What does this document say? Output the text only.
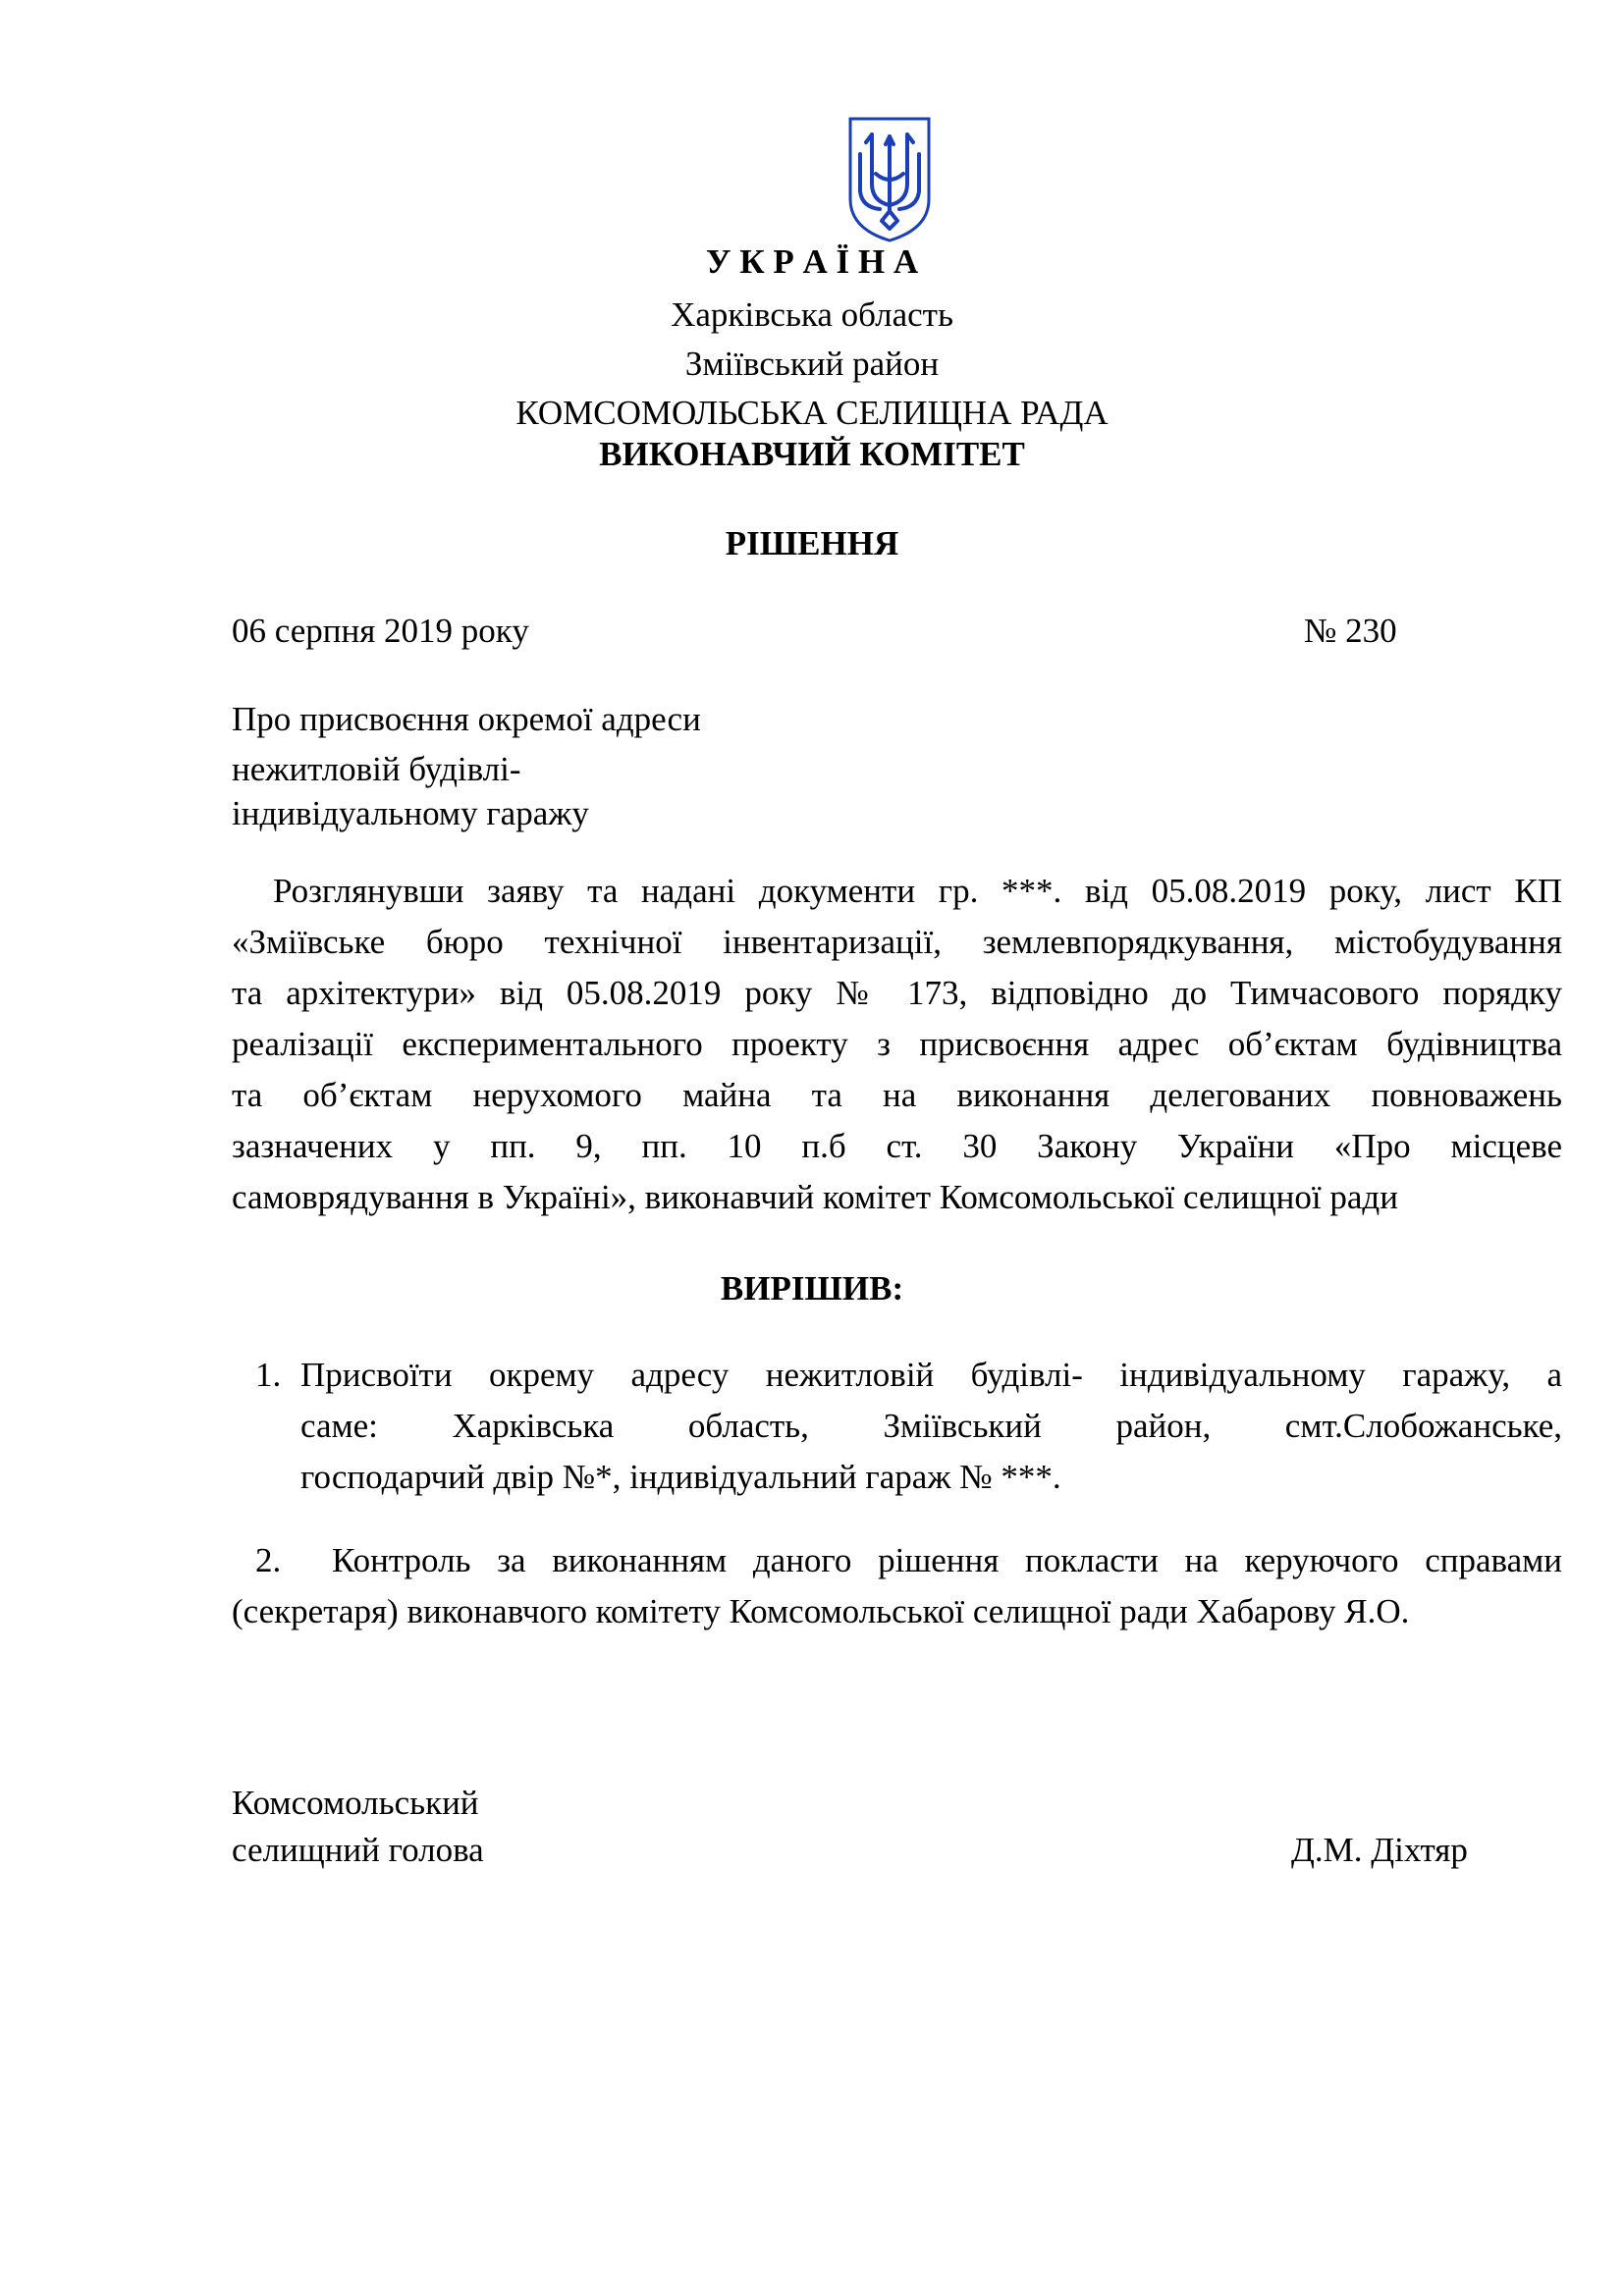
У К Р А Ї Н А
Харківська область
Зміївський район
КОМСОМОЛЬСЬКА СЕЛИЩНА РАДА
ВИКОНАВЧИЙ КОМІТЕТ
РІШЕННЯ
06 серпня 2019 року	№ 230
Про присвоєння окремої адреси
нежитловій будівлі-
індивідуальному гаражу
Розглянувши заяву та надані документи гр. ***. від 05.08.2019 року, лист КП
«Зміївське бюро технічної інвентаризації, землевпорядкування, містобудування
та архітектури» від 05.08.2019 року № 173, відповідно до Тимчасового порядку
реалізації експериментального проекту з присвоєння адрес об’єктам будівництва
та об’єктам нерухомого майна та на виконання делегованих повноважень
зазначених у пп. 9, пп. 10 п.б ст. 30 Закону України «Про місцеве
самоврядування в Україні», виконавчий комітет Комсомольської селищної ради
ВИРІШИВ:
1. Присвоїти окрему адресу нежитловій будівлі- індивідуальному гаражу, а
саме: Харківська область, Зміївський район, смт.Слобожанське,
господарчий двір №*, індивідуальний гараж № ***.
2. Контроль за виконанням даного рішення покласти на керуючого справами
(секретаря) виконавчого комітету Комсомольської селищної ради Хабарову Я.О.
Комсомольський
селищний голова	Д.М. Діхтяр
